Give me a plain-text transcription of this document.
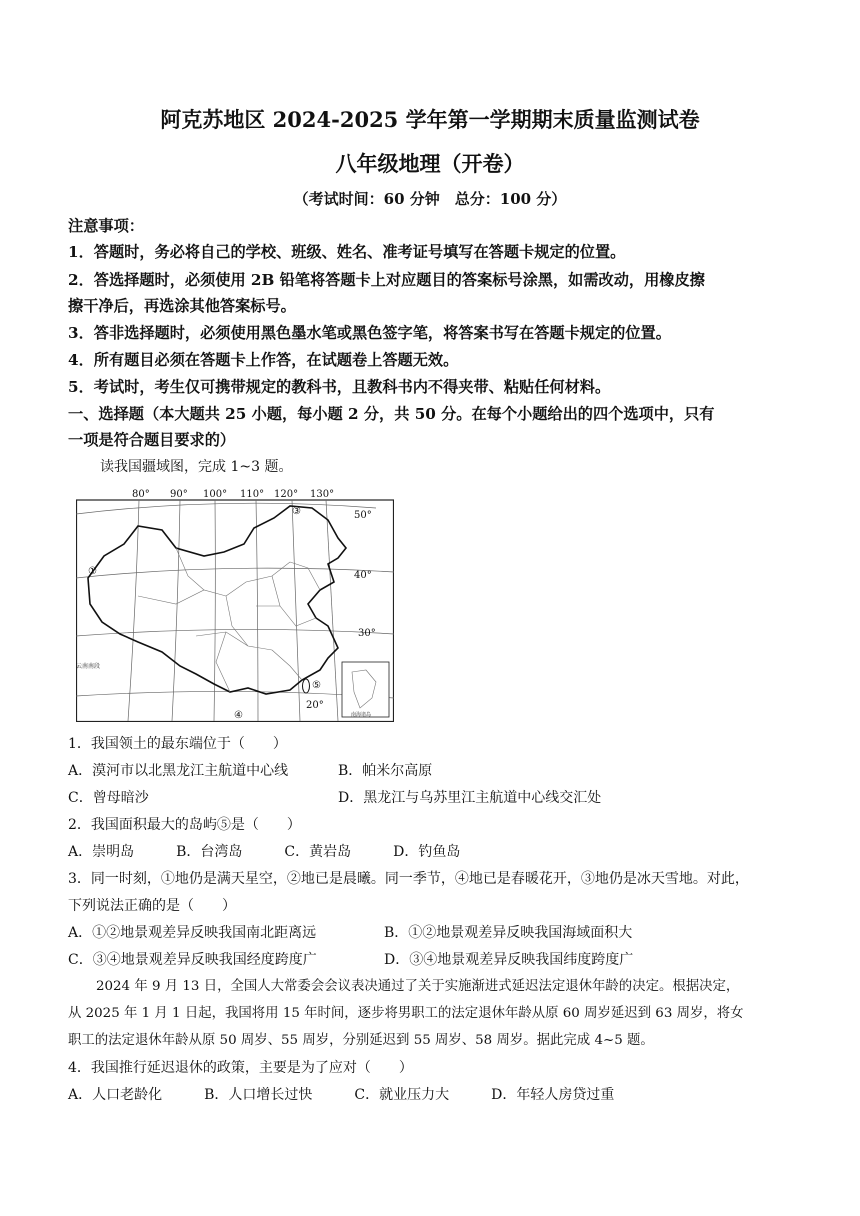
阿克苏地区 2024-2025 学年第一学期期末质量监测试卷
八年级地理（开卷）
（考试时间：60 分钟　总分：100 分）
注意事项：
1．答题时，务必将自己的学校、班级、姓名、准考证号填写在答题卡规定的位置。
2．答选择题时，必须使用 2B 铅笔将答题卡上对应题目的答案标号涂黑，如需改动，用橡皮擦
擦干净后，再选涂其他答案标号。
3．答非选择题时，必须使用黑色墨水笔或黑色签字笔，将答案书写在答题卡规定的位置。
4．所有题目必须在答题卡上作答，在试题卷上答题无效。
5．考试时，考生仅可携带规定的教科书，且教科书内不得夹带、粘贴任何材料。
一、选择题（本大题共 25 小题，每小题 2 分，共 50 分。在每个小题给出的四个选项中，只有
一项是符合题目要求的）
读我国疆域图，完成 1~3 题。
南海诸岛
云南南段
80° 90° 100° 110° 120° 130°
50°
40°
30°
20°
①
③
④
⑤
1．我国领土的最东端位于（　　）
A．漠河市以北黑龙江主航道中心线	B．帕米尔高原
C．曾母暗沙	D．黑龙江与乌苏里江主航道中心线交汇处
2．我国面积最大的岛屿⑤是（　　）
A．崇明岛　　　B．台湾岛　　　C．黄岩岛　　　D．钓鱼岛
3．同一时刻，①地仍是满天星空，②地已是晨曦。同一季节，④地已是春暖花开，③地仍是冰天雪地。对此，
下列说法正确的是（　　）
A．①②地景观差异反映我国南北距离远	B．①②地景观差异反映我国海域面积大
C．③④地景观差异反映我国经度跨度广	D．③④地景观差异反映我国纬度跨度广
2024 年 9 月 13 日，全国人大常委会会议表决通过了关于实施渐进式延迟法定退休年龄的决定。根据决定，
从 2025 年 1 月 1 日起，我国将用 15 年时间，逐步将男职工的法定退休年龄从原 60 周岁延迟到 63 周岁，将女
职工的法定退休年龄从原 50 周岁、55 周岁，分别延迟到 55 周岁、58 周岁。据此完成 4~5 题。
4．我国推行延迟退休的政策，主要是为了应对（　　）
A．人口老龄化　　　B．人口增长过快　　　C．就业压力大　　　D．年轻人房贷过重
